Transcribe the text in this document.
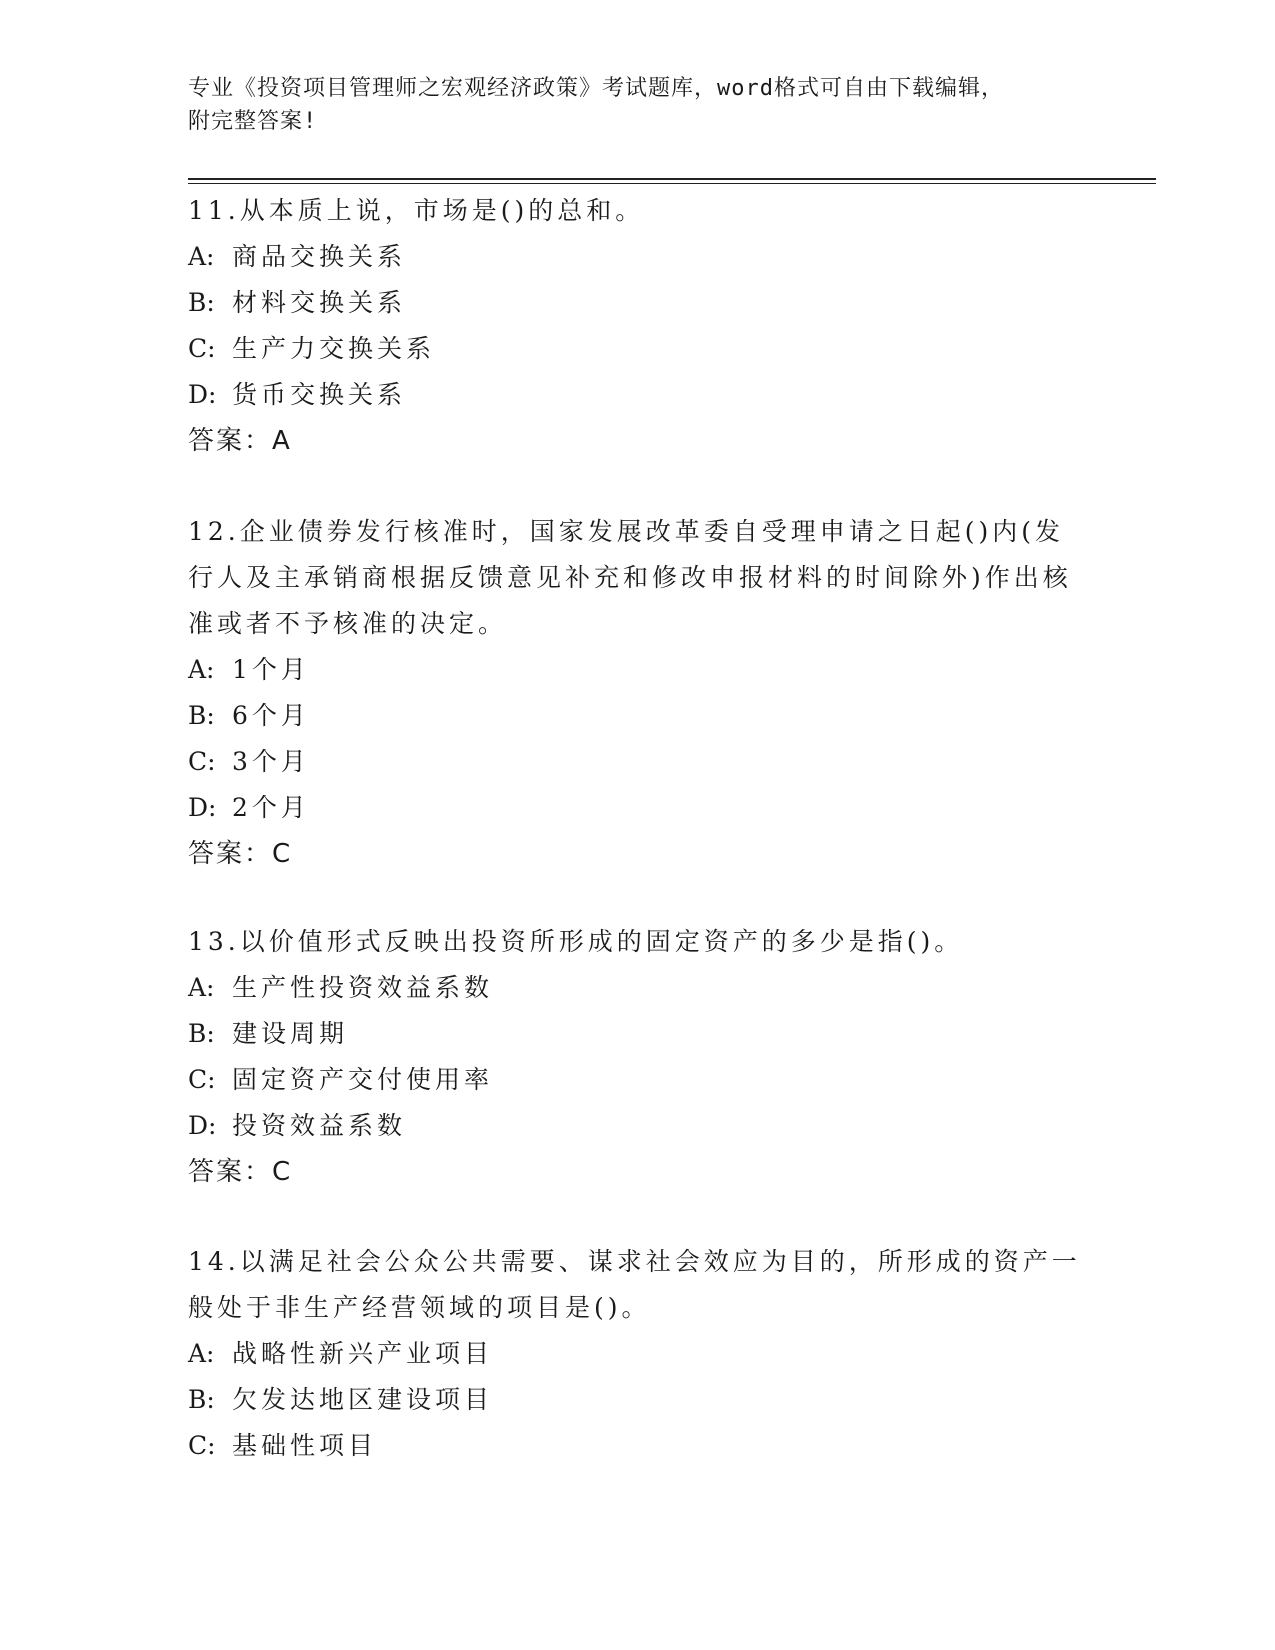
专业《投资项目管理师之宏观经济政策》考试题库，word格式可自由下载编辑，
附完整答案!

11.从本质上说，市场是()的总和。

A: 商品交换关系

B: 材料交换关系

C: 生产力交换关系

D: 货币交换关系

答案：A

12.企业债券发行核准时，国家发展改革委自受理申请之日起()内(发行人及主承销商根据反馈意见补充和修改申报材料的时间除外)作出核准或者不予核准的决定。

A: 1个月

B: 6个月

C: 3个月

D: 2个月

答案：C

13.以价值形式反映出投资所形成的固定资产的多少是指()。

A: 生产性投资效益系数

B: 建设周期

C: 固定资产交付使用率

D: 投资效益系数

答案：C

14.以满足社会公众公共需要、谋求社会效应为目的，所形成的资产一般处于非生产经营领域的项目是()。

A: 战略性新兴产业项目

B: 欠发达地区建设项目

C: 基础性项目
